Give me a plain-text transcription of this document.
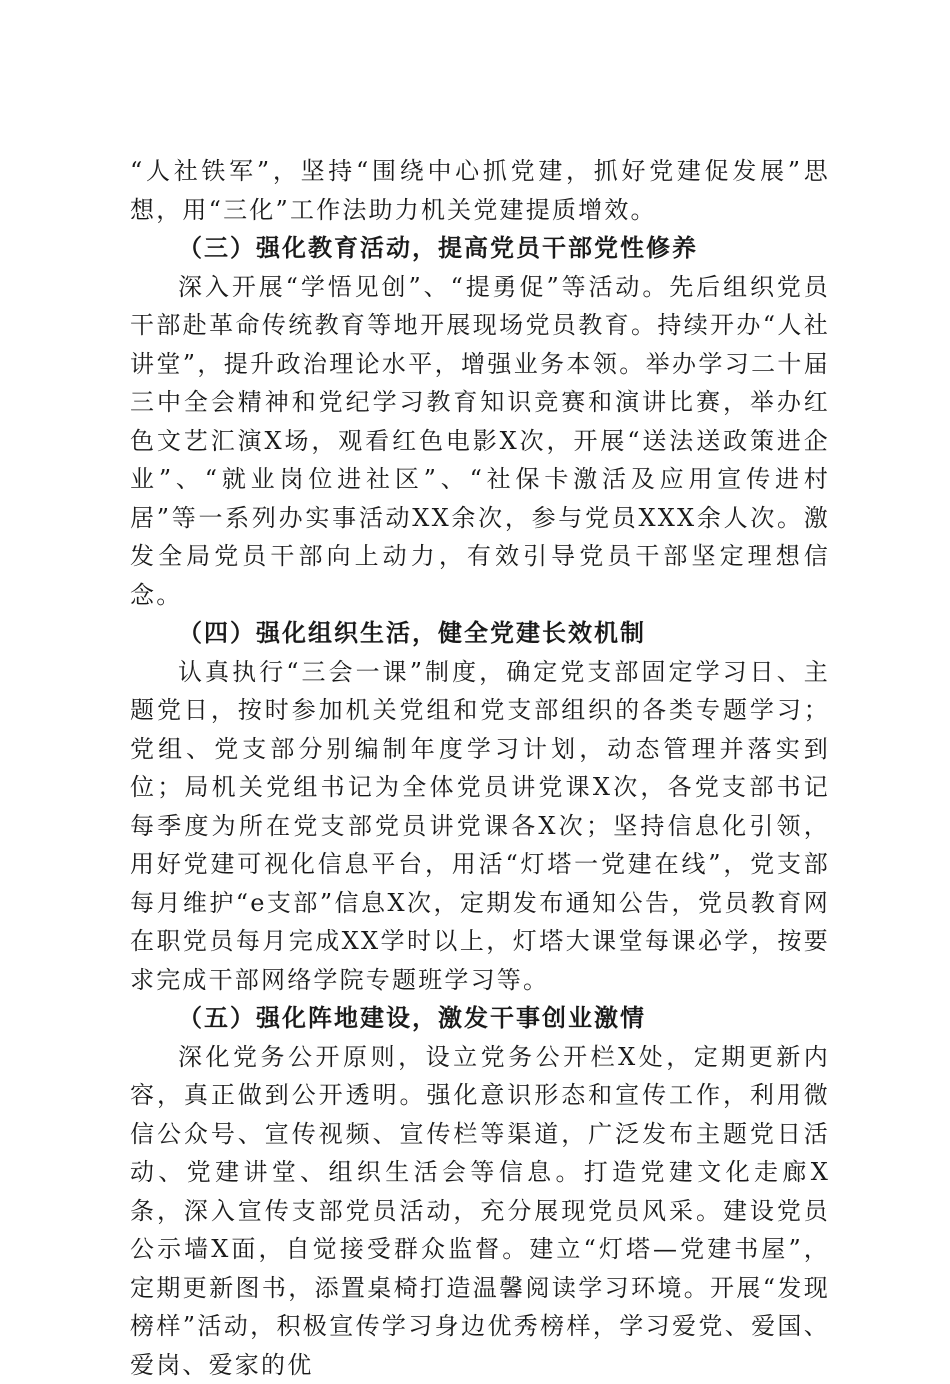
“人社铁军”，坚持“围绕中心抓党建，抓好党建促发展”思想，用“三化”工作法助力机关党建提质增效。

（三）强化教育活动，提高党员干部党性修养

深入开展“学悟见创”、“提勇促”等活动。先后组织党员干部赴革命传统教育等地开展现场党员教育。持续开办“人社讲堂”，提升政治理论水平，增强业务本领。举办学习二十届三中全会精神和党纪学习教育知识竞赛和演讲比赛，举办红色文艺汇演X场，观看红色电影X次，开展“送法送政策进企业”、“就业岗位进社区”、“社保卡激活及应用宣传进村居”等一系列办实事活动XX余次，参与党员XXX余人次。激发全局党员干部向上动力，有效引导党员干部坚定理想信念。

（四）强化组织生活，健全党建长效机制

认真执行“三会一课”制度，确定党支部固定学习日、主题党日，按时参加机关党组和党支部组织的各类专题学习；党组、党支部分别编制年度学习计划，动态管理并落实到位；局机关党组书记为全体党员讲党课X次，各党支部书记每季度为所在党支部党员讲党课各X次；坚持信息化引领，用好党建可视化信息平台，用活“灯塔一党建在线”，党支部每月维护“e支部”信息X次，定期发布通知公告，党员教育网在职党员每月完成XX学时以上，灯塔大课堂每课必学，按要求完成干部网络学院专题班学习等。

（五）强化阵地建设，激发干事创业激情

深化党务公开原则，设立党务公开栏X处，定期更新内容，真正做到公开透明。强化意识形态和宣传工作，利用微信公众号、宣传视频、宣传栏等渠道，广泛发布主题党日活动、党建讲堂、组织生活会等信息。打造党建文化走廊X条，深入宣传支部党员活动，充分展现党员风采。建设党员公示墙X面，自觉接受群众监督。建立“灯塔—党建书屋”，定期更新图书，添置桌椅打造温馨阅读学习环境。开展“发现榜样”活动，积极宣传学习身边优秀榜样，学习爱党、爱国、爱岗、爱家的优
